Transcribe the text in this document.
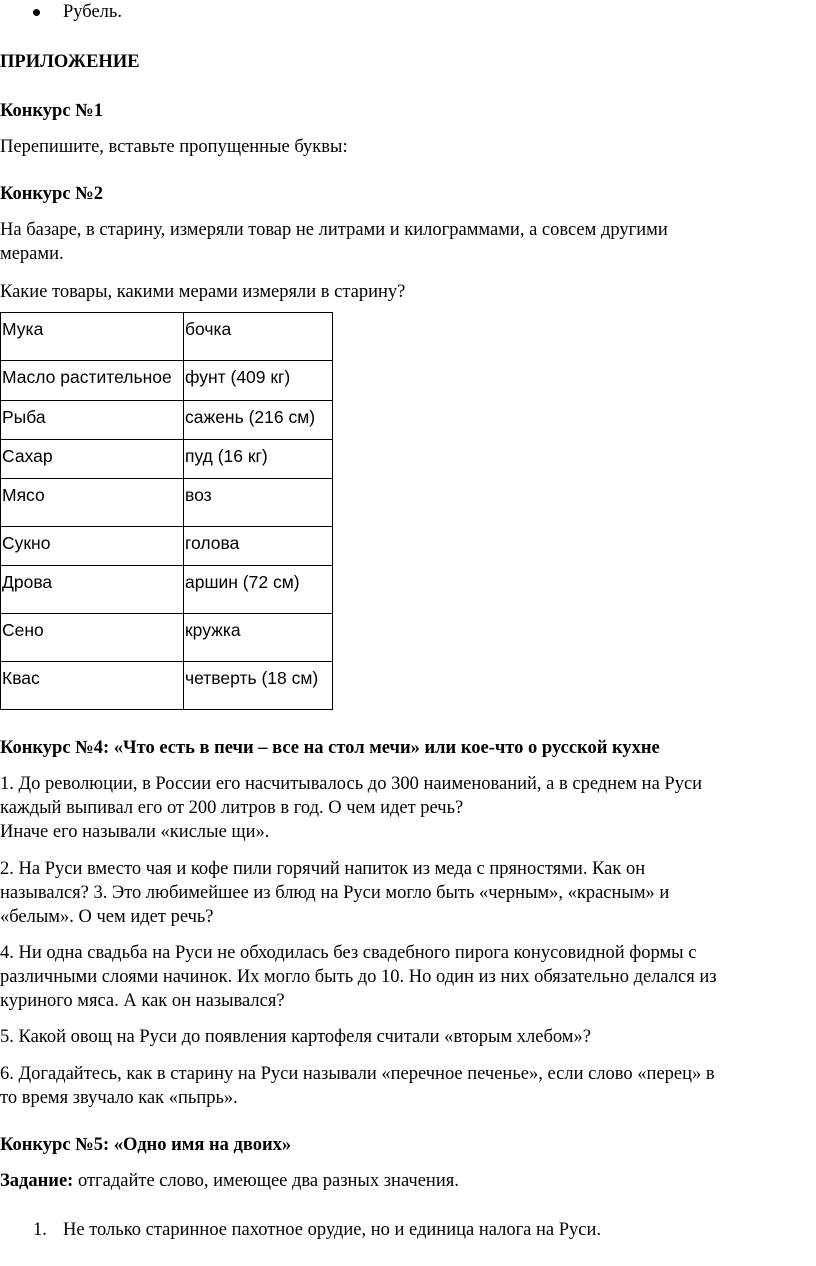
Рубель.
ПРИЛОЖЕНИЕ
Конкурс №1
Перепишите, вставьте пропущенные буквы:
Конкурс №2
На базаре, в старину, измеряли товар не литрами и килограммами, а совсем другими
мерами.
Какие товары, какими мерами измеряли в старину?
Мука	бочка
Масло растительное	фунт (409 кг)
Рыба	сажень (216 см)
Сахар	пуд (16 кг)
Мясо	воз
Сукно	голова
Дрова	аршин (72 см)
Сено	кружка
Квас	четверть (18 см)
Конкурс №4: «Что есть в печи – все на стол мечи» или кое-что о русской кухне
1. До революции, в России его насчитывалось до 300 наименований, а в среднем на Руси
каждый выпивал его от 200 литров в год. О чем идет речь?
Иначе его называли «кислые щи».
2. На Руси вместо чая и кофе пили горячий напиток из меда с пряностями. Как он
назывался? 3. Это любимейшее из блюд на Руси могло быть «черным», «красным» и
«белым». О чем идет речь?
4. Ни одна свадьба на Руси не обходилась без свадебного пирога конусовидной формы с
различными слоями начинок. Их могло быть до 10. Но один из них обязательно делался из
куриного мяса. А как он назывался?
5. Какой овощ на Руси до появления картофеля считали «вторым хлебом»?
6. Догадайтесь, как в старину на Руси называли «перечное печенье», если слово «перец» в
то время звучало как «пьпрь».
Конкурс №5: «Одно имя на двоих»
Задание: отгадайте слово, имеющее два разных значения.
1. Не только старинное пахотное орудие, но и единица налога на Руси.
